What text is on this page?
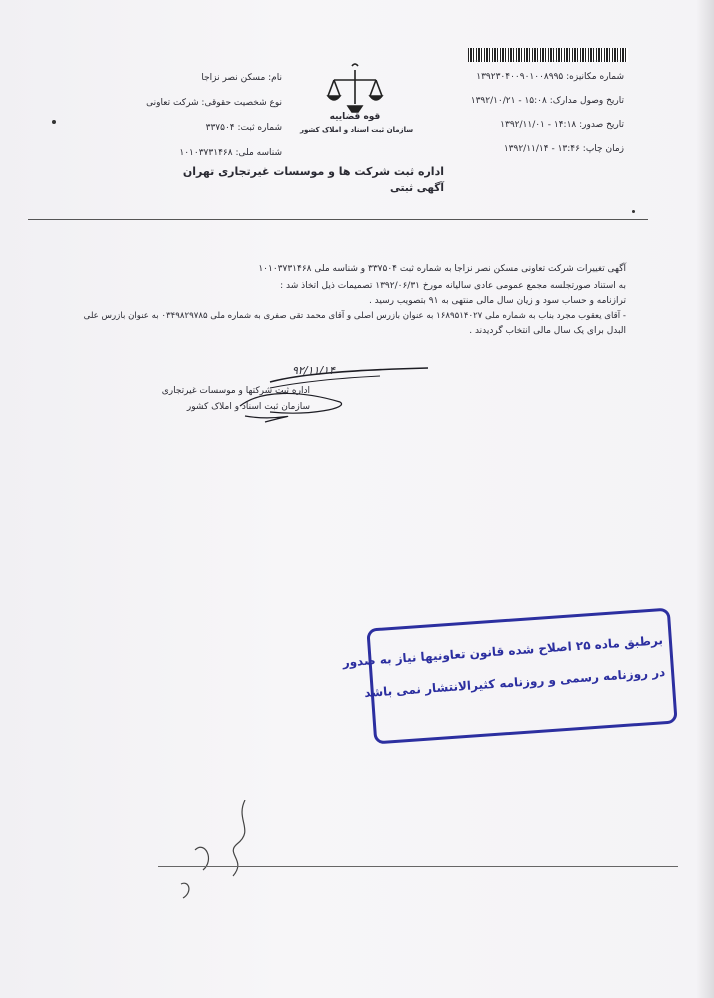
شماره مکانیزه: ۱۳۹۲۳۰۴۰۰۹۰۱۰۰۸۹۹۵
تاریخ وصول مدارک: ۱۵:۰۸ - ۱۳۹۲/۱۰/۲۱
تاریخ صدور: ۱۴:۱۸ - ۱۳۹۲/۱۱/۰۱
زمان چاپ: ۱۳:۴۶ - ۱۳۹۲/۱۱/۱۴
قوه قضاییه
سازمان ثبت اسناد و املاک کشور
نام: مسکن نصر نزاجا
نوع شخصیت حقوقی: شرکت تعاونی
شماره ثبت: ۳۳۷۵۰۴
شناسه ملی: ۱۰۱۰۳۷۳۱۴۶۸
اداره ثبت شرکت ها و موسسات غیرتجاری تهران
آگهی ثبتی
آگهی تغییرات شرکت تعاونی مسکن نصر نزاجا به شماره ثبت ۳۳۷۵۰۴ و شناسه ملی ۱۰۱۰۳۷۳۱۴۶۸
به استناد صورتجلسه مجمع عمومی عادی سالیانه مورخ ۱۳۹۲/۰۶/۳۱ تصمیمات ذیل اتخاذ شد :
ترازنامه و حساب سود و زیان سال مالی منتهی به ۹۱ بتصویب رسید .
- آقای یعقوب مجرد بناب به شماره ملی ۱۶۸۹۵۱۴۰۲۷ به عنوان بازرس اصلی و آقای محمد تقی صفری به شماره ملی ۰۳۴۹۸۲۹۷۸۵ به عنوان بازرس علی
البدل برای یک سال مالی انتخاب گردیدند .
۹۲/۱۱/۱۴
اداره ثبت شرکتها و موسسات غیرتجاری
سازمان ثبت اسناد و املاک کشور
برطبق ماده ۲۵ اصلاح شده قانون تعاونیها نیاز به صدور
در روزنامه رسمی و روزنامه کثیرالانتشار نمی باشد
